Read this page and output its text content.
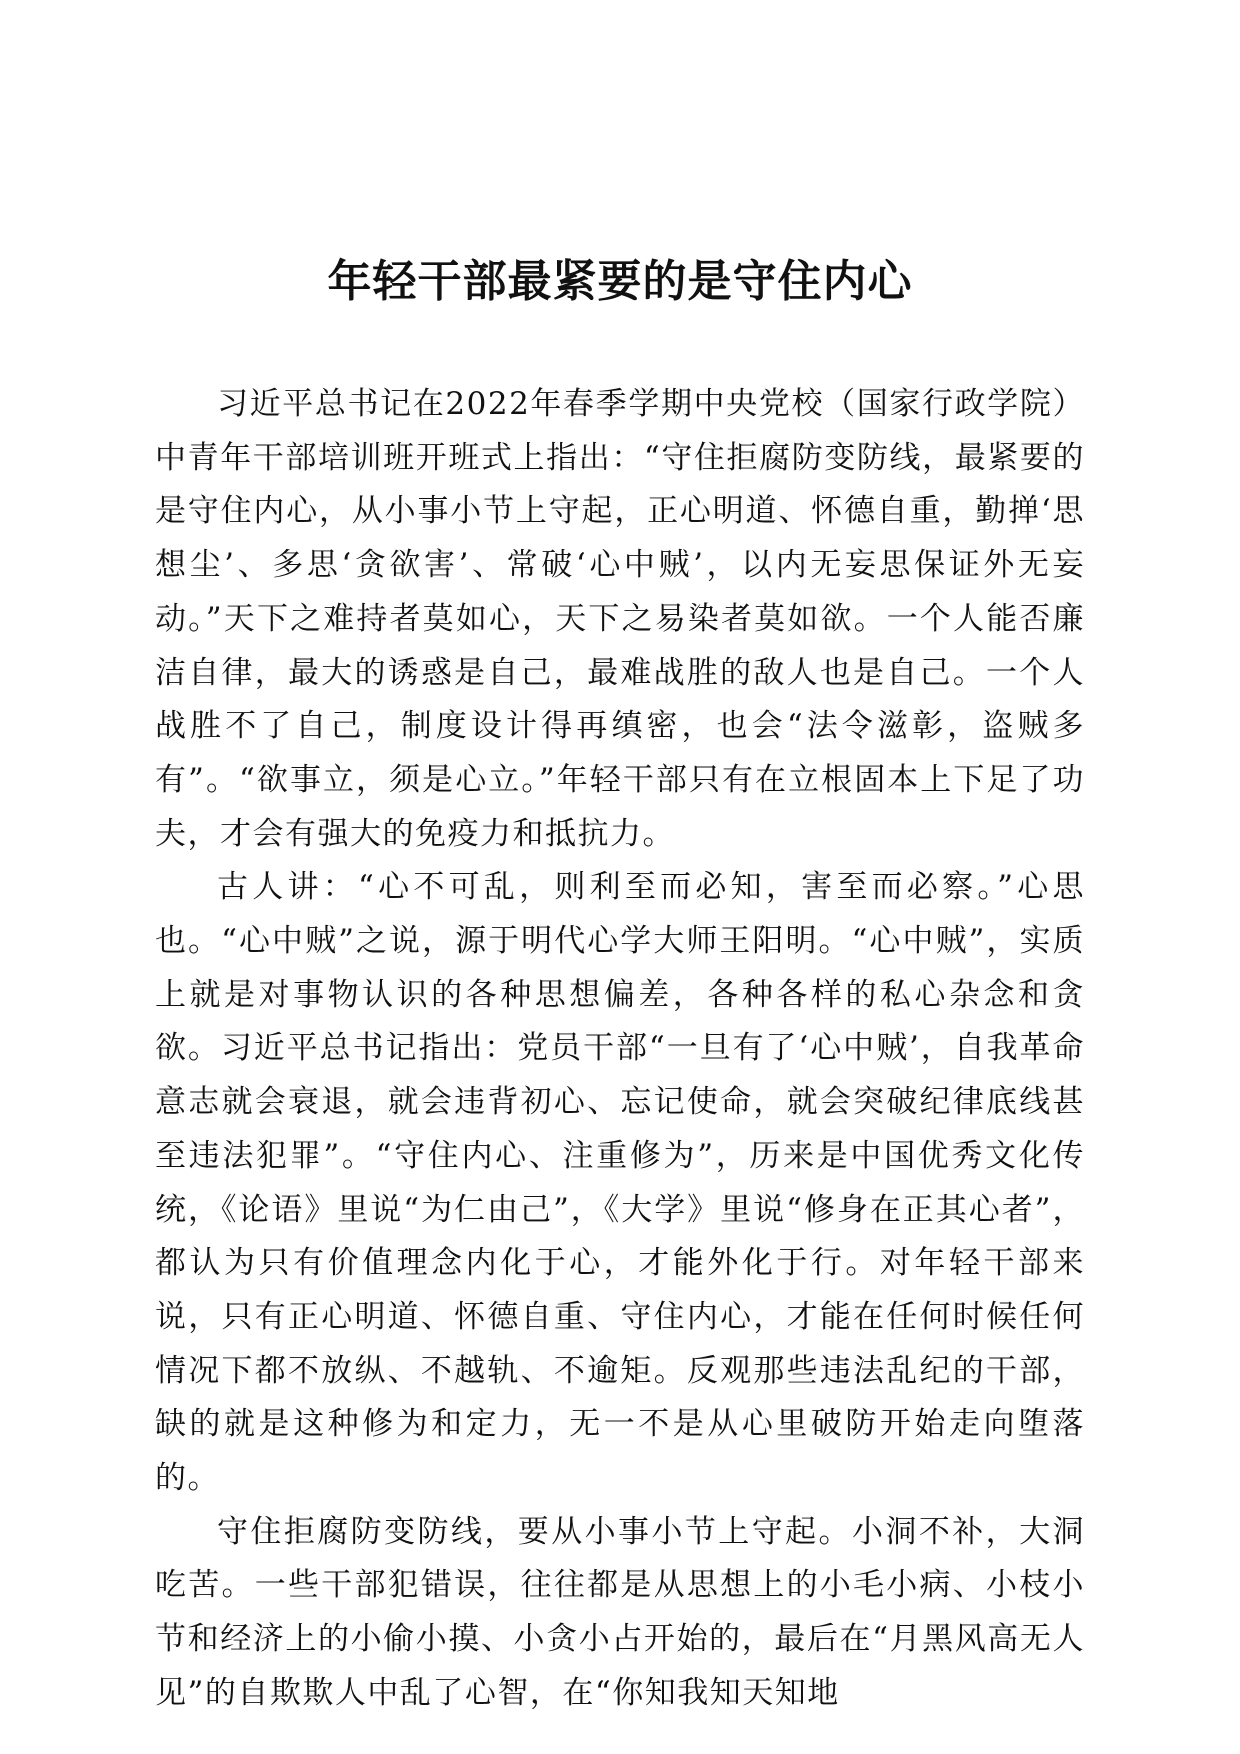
年轻干部最紧要的是守住内心

习近平总书记在2022年春季学期中央党校（国家行政学院）中青年干部培训班开班式上指出：“守住拒腐防变防线，最紧要的是守住内心，从小事小节上守起，正心明道、怀德自重，勤掸‘思想尘’、多思‘贪欲害’、常破‘心中贼’，以内无妄思保证外无妄动。”天下之难持者莫如心，天下之易染者莫如欲。一个人能否廉洁自律，最大的诱惑是自己，最难战胜的敌人也是自己。一个人战胜不了自己，制度设计得再缜密，也会“法令滋彰，盗贼多有”。“欲事立，须是心立。”年轻干部只有在立根固本上下足了功夫，才会有强大的免疫力和抵抗力。

古人讲：“心不可乱，则利至而必知，害至而必察。”心思也。“心中贼”之说，源于明代心学大师王阳明。“心中贼”，实质上就是对事物认识的各种思想偏差，各种各样的私心杂念和贪欲。习近平总书记指出：党员干部“一旦有了‘心中贼’，自我革命意志就会衰退，就会违背初心、忘记使命，就会突破纪律底线甚至违法犯罪”。“守住内心、注重修为”，历来是中国优秀文化传统，《论语》里说“为仁由己”，《大学》里说“修身在正其心者”，都认为只有价值理念内化于心，才能外化于行。对年轻干部来说，只有正心明道、怀德自重、守住内心，才能在任何时候任何情况下都不放纵、不越轨、不逾矩。反观那些违法乱纪的干部，缺的就是这种修为和定力，无一不是从心里破防开始走向堕落的。

守住拒腐防变防线，要从小事小节上守起。小洞不补，大洞吃苦。一些干部犯错误，往往都是从思想上的小毛小病、小枝小节和经济上的小偷小摸、小贪小占开始的，最后在“月黑风高无人见”的自欺欺人中乱了心智，在“你知我知天知地
